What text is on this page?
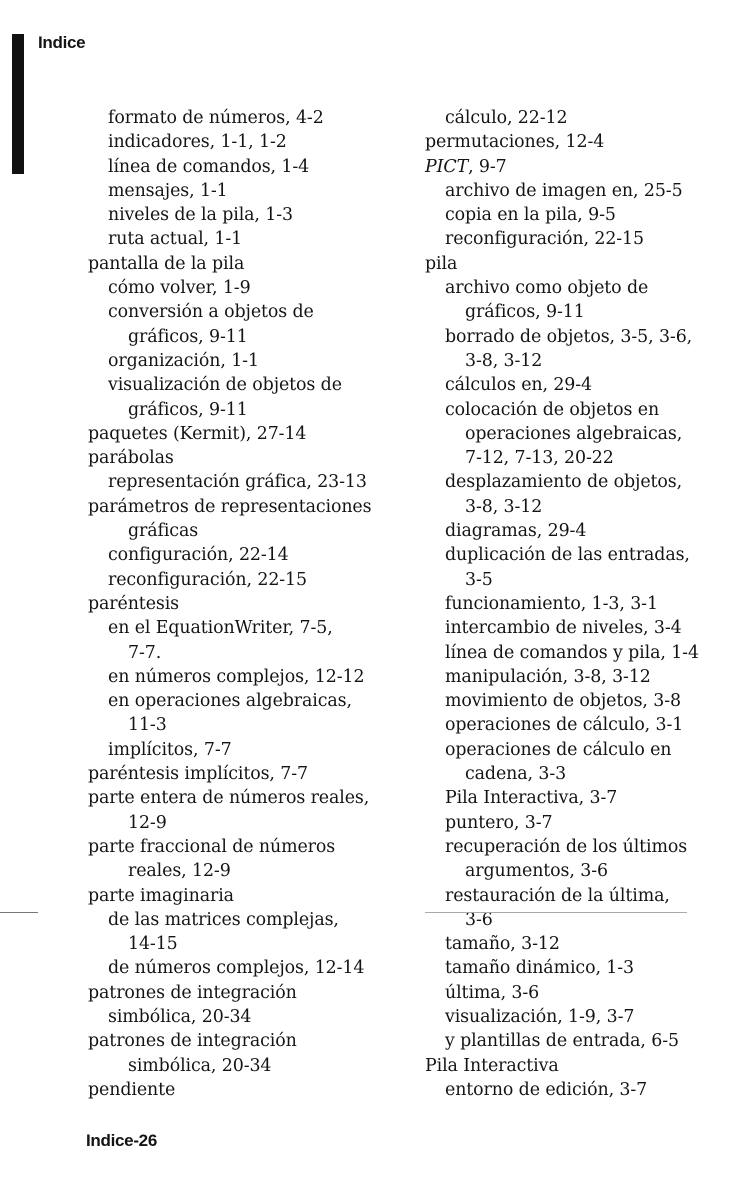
Indice
formato de números, 4-2
indicadores, 1-1, 1-2
línea de comandos, 1-4
mensajes, 1-1
niveles de la pila, 1-3
ruta actual, 1-1
pantalla de la pila
cómo volver, 1-9
conversión a objetos de
gráficos, 9-11
organización, 1-1
visualización de objetos de
gráficos, 9-11
paquetes (Kermit), 27-14
parábolas
representación gráfica, 23-13
parámetros de representaciones
gráficas
configuración, 22-14
reconfiguración, 22-15
paréntesis
en el EquationWriter, 7-5,
7-7.
en números complejos, 12-12
en operaciones algebraicas,
11-3
implícitos, 7-7
paréntesis implícitos, 7-7
parte entera de números reales,
12-9
parte fraccional de números
reales, 12-9
parte imaginaria
de las matrices complejas,
14-15
de números complejos, 12-14
patrones de integración
simbólica, 20-34
patrones de integración
simbólica, 20-34
pendiente
cálculo, 22-12
permutaciones, 12-4
PICT, 9-7
archivo de imagen en, 25-5
copia en la pila, 9-5
reconfiguración, 22-15
pila
archivo como objeto de
gráficos, 9-11
borrado de objetos, 3-5, 3-6,
3-8, 3-12
cálculos en, 29-4
colocación de objetos en
operaciones algebraicas,
7-12, 7-13, 20-22
desplazamiento de objetos,
3-8, 3-12
diagramas, 29-4
duplicación de las entradas,
3-5
funcionamiento, 1-3, 3-1
intercambio de niveles, 3-4
línea de comandos y pila, 1-4
manipulación, 3-8, 3-12
movimiento de objetos, 3-8
operaciones de cálculo, 3-1
operaciones de cálculo en
cadena, 3-3
Pila Interactiva, 3-7
puntero, 3-7
recuperación de los últimos
argumentos, 3-6
restauración de la última,
3-6
tamaño, 3-12
tamaño dinámico, 1-3
última, 3-6
visualización, 1-9, 3-7
y plantillas de entrada, 6-5
Pila Interactiva
entorno de edición, 3-7
Indice-26
